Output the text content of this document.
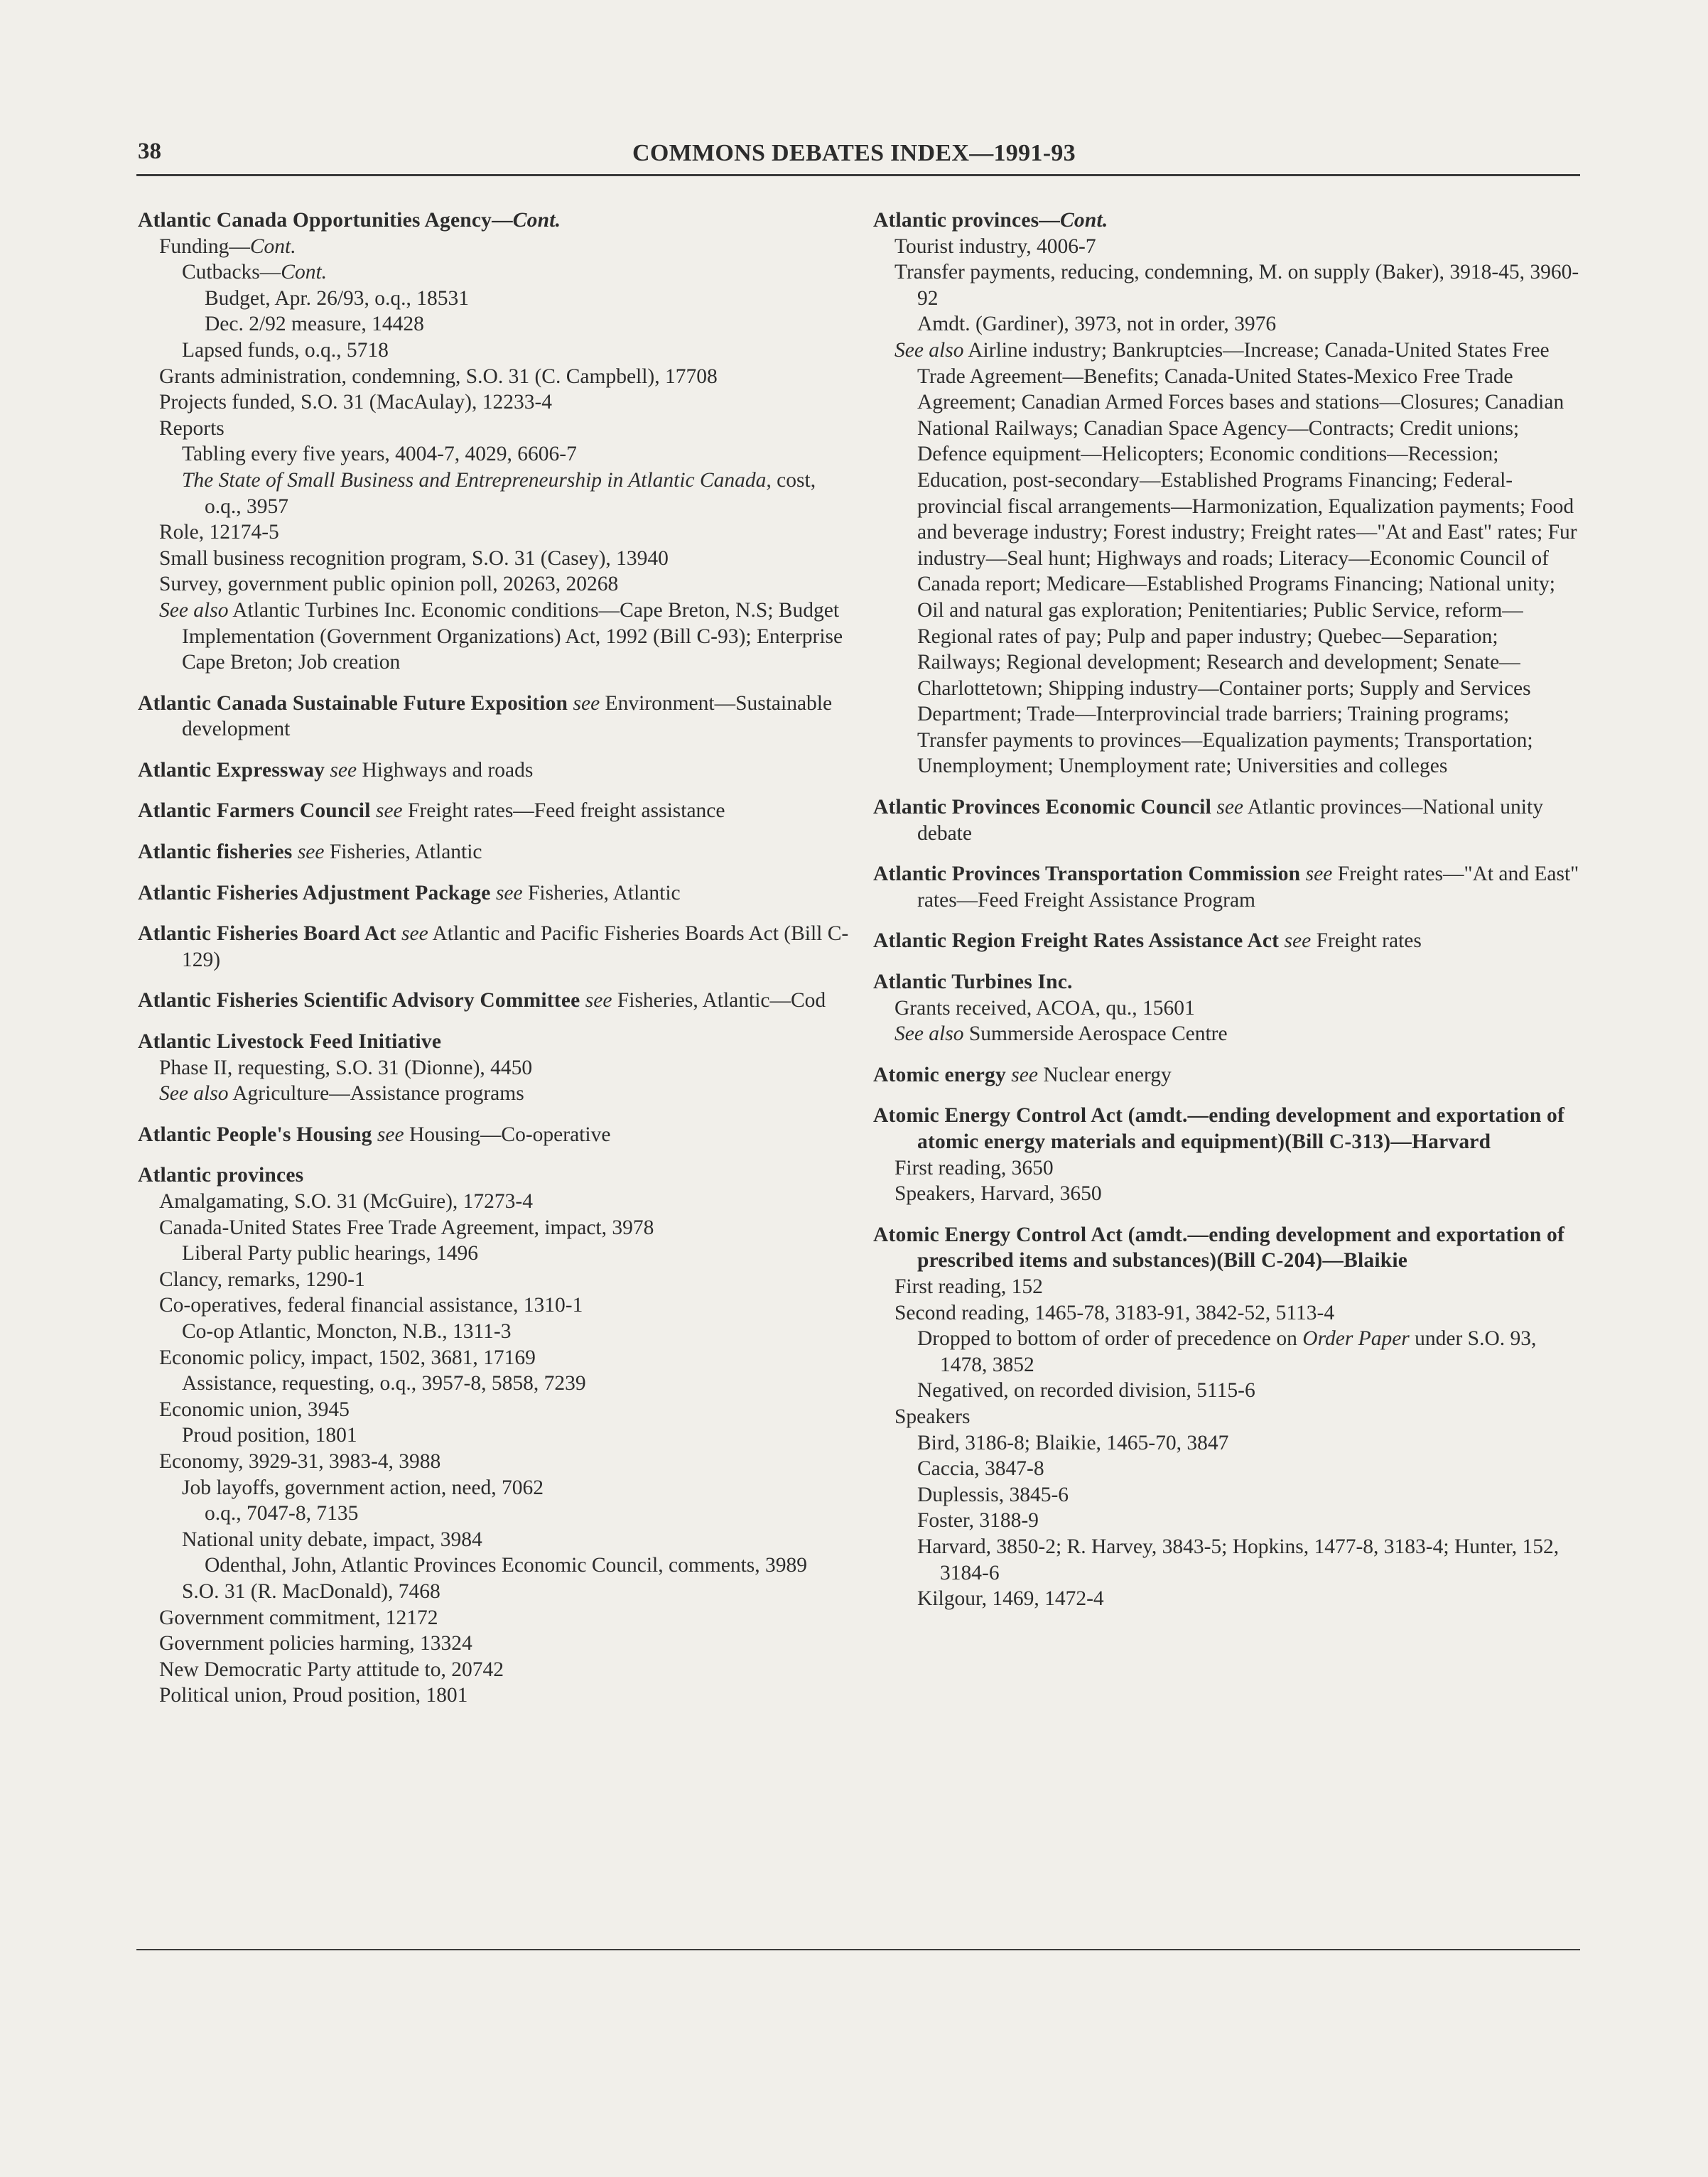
38	COMMONS DEBATES INDEX—1991-93
Atlantic Canada Opportunities Agency—Cont.
Funding—Cont.
Cutbacks—Cont.
Budget, Apr. 26/93, o.q., 18531
Dec. 2/92 measure, 14428
Lapsed funds, o.q., 5718
Grants administration, condemning, S.O. 31 (C. Campbell), 17708
Projects funded, S.O. 31 (MacAulay), 12233-4
Reports
Tabling every five years, 4004-7, 4029, 6606-7
The State of Small Business and Entrepreneurship in Atlantic Canada, cost, o.q., 3957
Role, 12174-5
Small business recognition program, S.O. 31 (Casey), 13940
Survey, government public opinion poll, 20263, 20268
See also Atlantic Turbines Inc. Economic conditions—Cape Breton, N.S; Budget Implementation (Government Organizations) Act, 1992 (Bill C-93); Enterprise Cape Breton; Job creation
Atlantic Canada Sustainable Future Exposition see Environment—Sustainable development
Atlantic Expressway see Highways and roads
Atlantic Farmers Council see Freight rates—Feed freight assistance
Atlantic fisheries see Fisheries, Atlantic
Atlantic Fisheries Adjustment Package see Fisheries, Atlantic
Atlantic Fisheries Board Act see Atlantic and Pacific Fisheries Boards Act (Bill C-129)
Atlantic Fisheries Scientific Advisory Committee see Fisheries, Atlantic—Cod
Atlantic Livestock Feed Initiative
Phase II, requesting, S.O. 31 (Dionne), 4450
See also Agriculture—Assistance programs
Atlantic People's Housing see Housing—Co-operative
Atlantic provinces
Amalgamating, S.O. 31 (McGuire), 17273-4
Canada-United States Free Trade Agreement, impact, 3978
Liberal Party public hearings, 1496
Clancy, remarks, 1290-1
Co-operatives, federal financial assistance, 1310-1
Co-op Atlantic, Moncton, N.B., 1311-3
Economic policy, impact, 1502, 3681, 17169
Assistance, requesting, o.q., 3957-8, 5858, 7239
Economic union, 3945
Proud position, 1801
Economy, 3929-31, 3983-4, 3988
Job layoffs, government action, need, 7062
o.q., 7047-8, 7135
National unity debate, impact, 3984
Odenthal, John, Atlantic Provinces Economic Council, comments, 3989
S.O. 31 (R. MacDonald), 7468
Government commitment, 12172
Government policies harming, 13324
New Democratic Party attitude to, 20742
Political union, Proud position, 1801
Atlantic provinces—Cont.
Tourist industry, 4006-7
Transfer payments, reducing, condemning, M. on supply (Baker), 3918-45, 3960-92
Amdt. (Gardiner), 3973, not in order, 3976
See also Airline industry; Bankruptcies—Increase; Canada-United States Free Trade Agreement—Benefits; Canada-United States-Mexico Free Trade Agreement; Canadian Armed Forces bases and stations—Closures; Canadian National Railways; Canadian Space Agency—Contracts; Credit unions; Defence equipment—Helicopters; Economic conditions—Recession; Education, post-secondary—Established Programs Financing; Federal-provincial fiscal arrangements—Harmonization, Equalization payments; Food and beverage industry; Forest industry; Freight rates—"At and East" rates; Fur industry—Seal hunt; Highways and roads; Literacy—Economic Council of Canada report; Medicare—Established Programs Financing; National unity; Oil and natural gas exploration; Penitentiaries; Public Service, reform—Regional rates of pay; Pulp and paper industry; Quebec—Separation; Railways; Regional development; Research and development; Senate—Charlottetown; Shipping industry—Container ports; Supply and Services Department; Trade—Interprovincial trade barriers; Training programs; Transfer payments to provinces—Equalization payments; Transportation; Unemployment; Unemployment rate; Universities and colleges
Atlantic Provinces Economic Council see Atlantic provinces—National unity debate
Atlantic Provinces Transportation Commission see Freight rates—"At and East" rates—Feed Freight Assistance Program
Atlantic Region Freight Rates Assistance Act see Freight rates
Atlantic Turbines Inc.
Grants received, ACOA, qu., 15601
See also Summerside Aerospace Centre
Atomic energy see Nuclear energy
Atomic Energy Control Act (amdt.—ending development and exportation of atomic energy materials and equipment)(Bill C-313)—Harvard
First reading, 3650
Speakers, Harvard, 3650
Atomic Energy Control Act (amdt.—ending development and exportation of prescribed items and substances)(Bill C-204)—Blaikie
First reading, 152
Second reading, 1465-78, 3183-91, 3842-52, 5113-4
Dropped to bottom of order of precedence on Order Paper under S.O. 93, 1478, 3852
Negatived, on recorded division, 5115-6
Speakers
Bird, 3186-8; Blaikie, 1465-70, 3847
Caccia, 3847-8
Duplessis, 3845-6
Foster, 3188-9
Harvard, 3850-2; R. Harvey, 3843-5; Hopkins, 1477-8, 3183-4; Hunter, 152, 3184-6
Kilgour, 1469, 1472-4
